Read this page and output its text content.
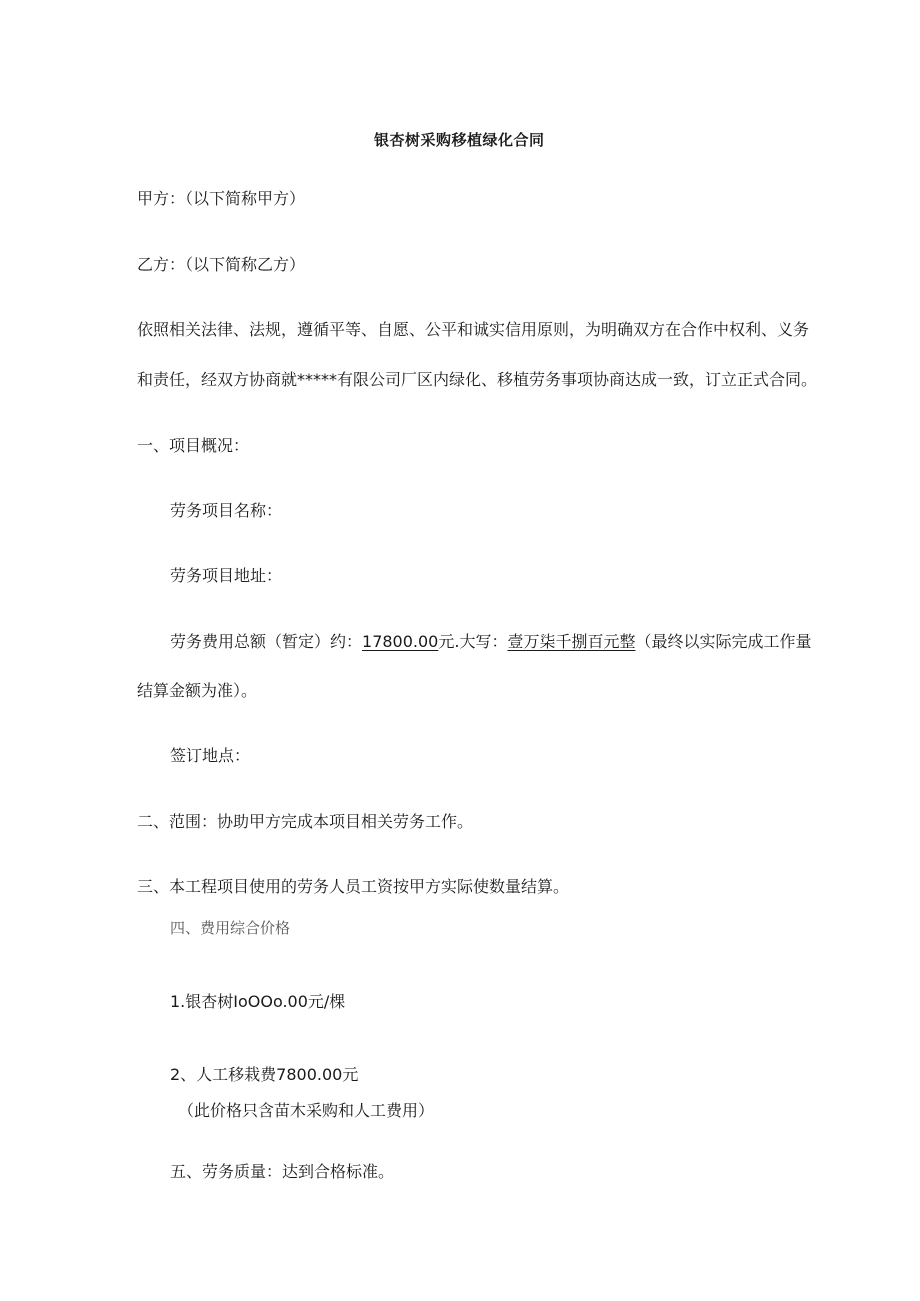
银杏树采购移植绿化合同
甲方：（以下简称甲方）
乙方：（以下简称乙方）
依照相关法律、法规，遵循平等、自愿、公平和诚实信用原则，为明确双方在合作中权利、义务
和责任，经双方协商就*****有限公司厂区内绿化、移植劳务事项协商达成一致，订立正式合同。
一、项目概况：
劳务项目名称：
劳务项目地址：
劳务费用总额（暂定）约：17800.00元.大写：壹万柒千捌百元整（最终以实际完成工作量
结算金额为准）。
签订地点：
二、范围：协助甲方完成本项目相关劳务工作。
三、本工程项目使用的劳务人员工资按甲方实际使数量结算。
四、费用综合价格
1.银杏树IoOOo.00元/棵
2、人工移栽费7800.00元
（此价格只含苗木采购和人工费用）
五、劳务质量：达到合格标准。
